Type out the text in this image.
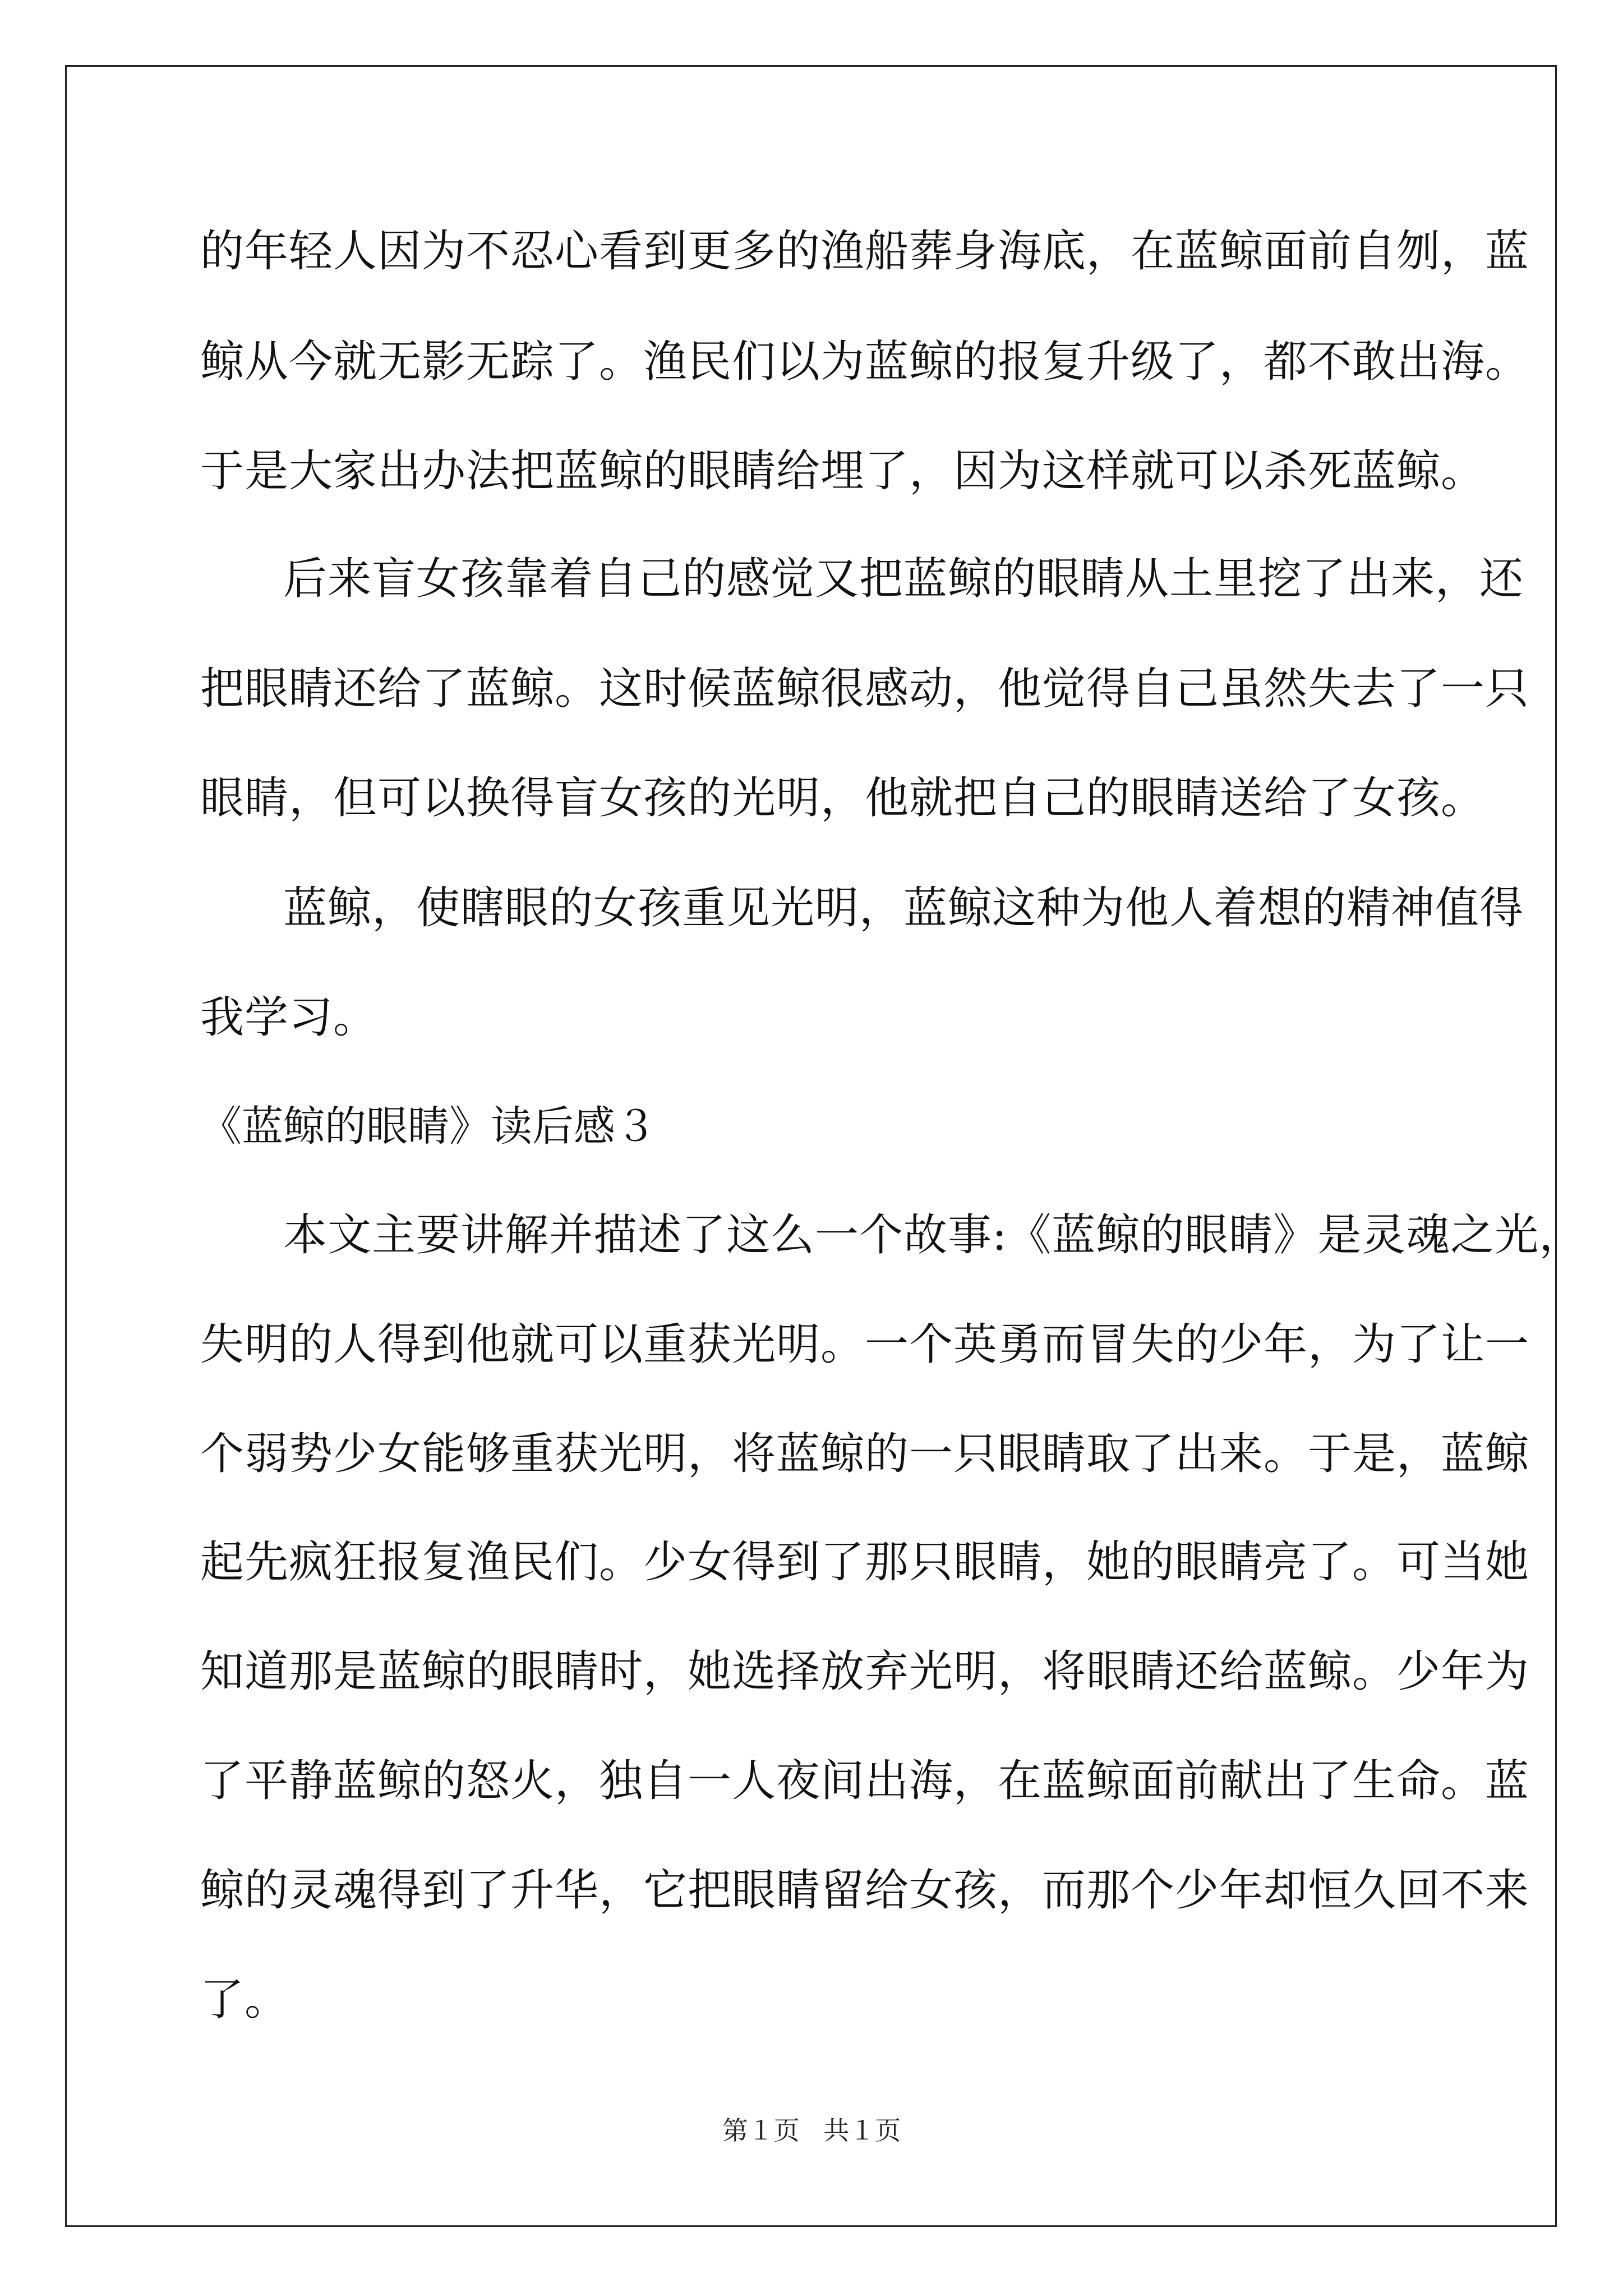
的年轻人因为不忍心看到更多的渔船葬身海底，在蓝鲸面前自刎，蓝
鲸从今就无影无踪了。渔民们以为蓝鲸的报复升级了，都不敢出海。
于是大家出办法把蓝鲸的眼睛给埋了，因为这样就可以杀死蓝鲸。
后来盲女孩靠着自己的感觉又把蓝鲸的眼睛从土里挖了出来，还
把眼睛还给了蓝鲸。这时候蓝鲸很感动，他觉得自己虽然失去了一只
眼睛，但可以换得盲女孩的光明，他就把自己的眼睛送给了女孩。
蓝鲸，使瞎眼的女孩重见光明，蓝鲸这种为他人着想的精神值得
我学习。
《蓝鲸的眼睛》读后感３
本文主要讲解并描述了这么一个故事:《蓝鲸的眼睛》是灵魂之光，
失明的人得到他就可以重获光明。一个英勇而冒失的少年，为了让一
个弱势少女能够重获光明，将蓝鲸的一只眼睛取了出来。于是，蓝鲸
起先疯狂报复渔民们。少女得到了那只眼睛，她的眼睛亮了。可当她
知道那是蓝鲸的眼睛时，她选择放弃光明，将眼睛还给蓝鲸。少年为
了平静蓝鲸的怒火，独自一人夜间出海，在蓝鲸面前献出了生命。蓝
鲸的灵魂得到了升华，它把眼睛留给女孩，而那个少年却恒久回不来
了。
第１页 共１页
